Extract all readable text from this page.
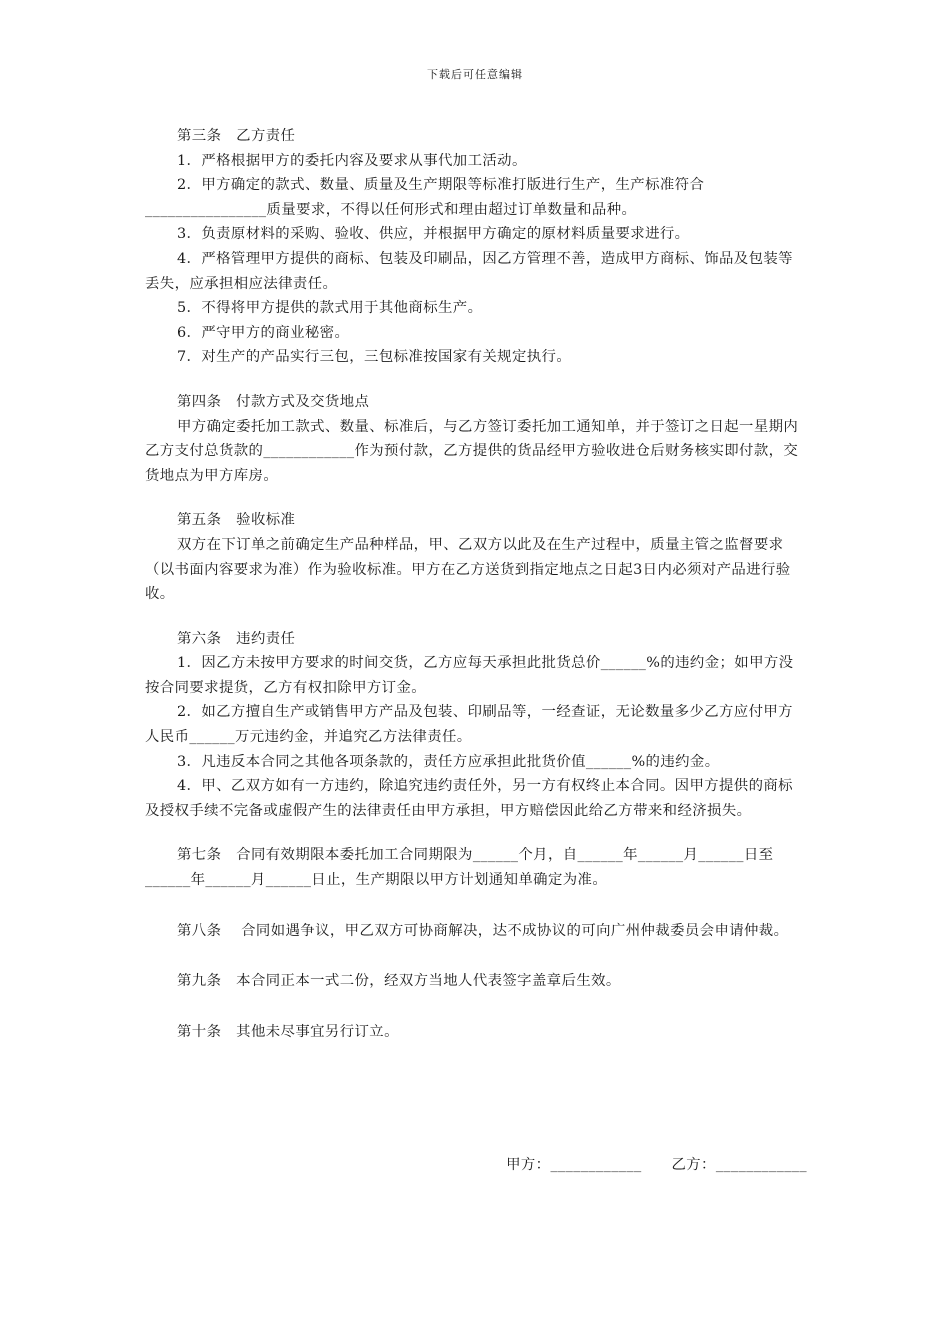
下载后可任意编辑

第三条　乙方责任

1．严格根据甲方的委托内容及要求从事代加工活动。

2．甲方确定的款式、数量、质量及生产期限等标准打版进行生产，生产标准符合________________质量要求，不得以任何形式和理由超过订单数量和品种。

3．负责原材料的采购、验收、供应，并根据甲方确定的原材料质量要求进行。

4．严格管理甲方提供的商标、包装及印刷品，因乙方管理不善，造成甲方商标、饰品及包装等丢失，应承担相应法律责任。

5．不得将甲方提供的款式用于其他商标生产。

6．严守甲方的商业秘密。

7．对生产的产品实行三包，三包标准按国家有关规定执行。

第四条　付款方式及交货地点

甲方确定委托加工款式、数量、标准后，与乙方签订委托加工通知单，并于签订之日起一星期内乙方支付总货款的____________作为预付款，乙方提供的货品经甲方验收进仓后财务核实即付款，交货地点为甲方库房。

第五条　验收标准

双方在下订单之前确定生产品种样品，甲、乙双方以此及在生产过程中，质量主管之监督要求（以书面内容要求为准）作为验收标准。甲方在乙方送货到指定地点之日起3日内必须对产品进行验收。

第六条　违约责任

1．因乙方未按甲方要求的时间交货，乙方应每天承担此批货总价______%的违约金；如甲方没按合同要求提货，乙方有权扣除甲方订金。

2．如乙方擅自生产或销售甲方产品及包装、印刷品等，一经查证，无论数量多少乙方应付甲方人民币______万元违约金，并追究乙方法律责任。

3．凡违反本合同之其他各项条款的，责任方应承担此批货价值______%的违约金。

4．甲、乙双方如有一方违约，除追究违约责任外，另一方有权终止本合同。因甲方提供的商标及授权手续不完备或虚假产生的法律责任由甲方承担，甲方赔偿因此给乙方带来和经济损失。

第七条　合同有效期限本委托加工合同期限为______个月，自______年______月______日至______年______月______日止，生产期限以甲方计划通知单确定为准。

第八条　 合同如遇争议，甲乙双方可协商解决，达不成协议的可向广州仲裁委员会申请仲裁。

第九条　本合同正本一式二份，经双方当地人代表签字盖章后生效。

第十条　其他未尽事宜另行订立。

甲方：____________ 乙方：____________
